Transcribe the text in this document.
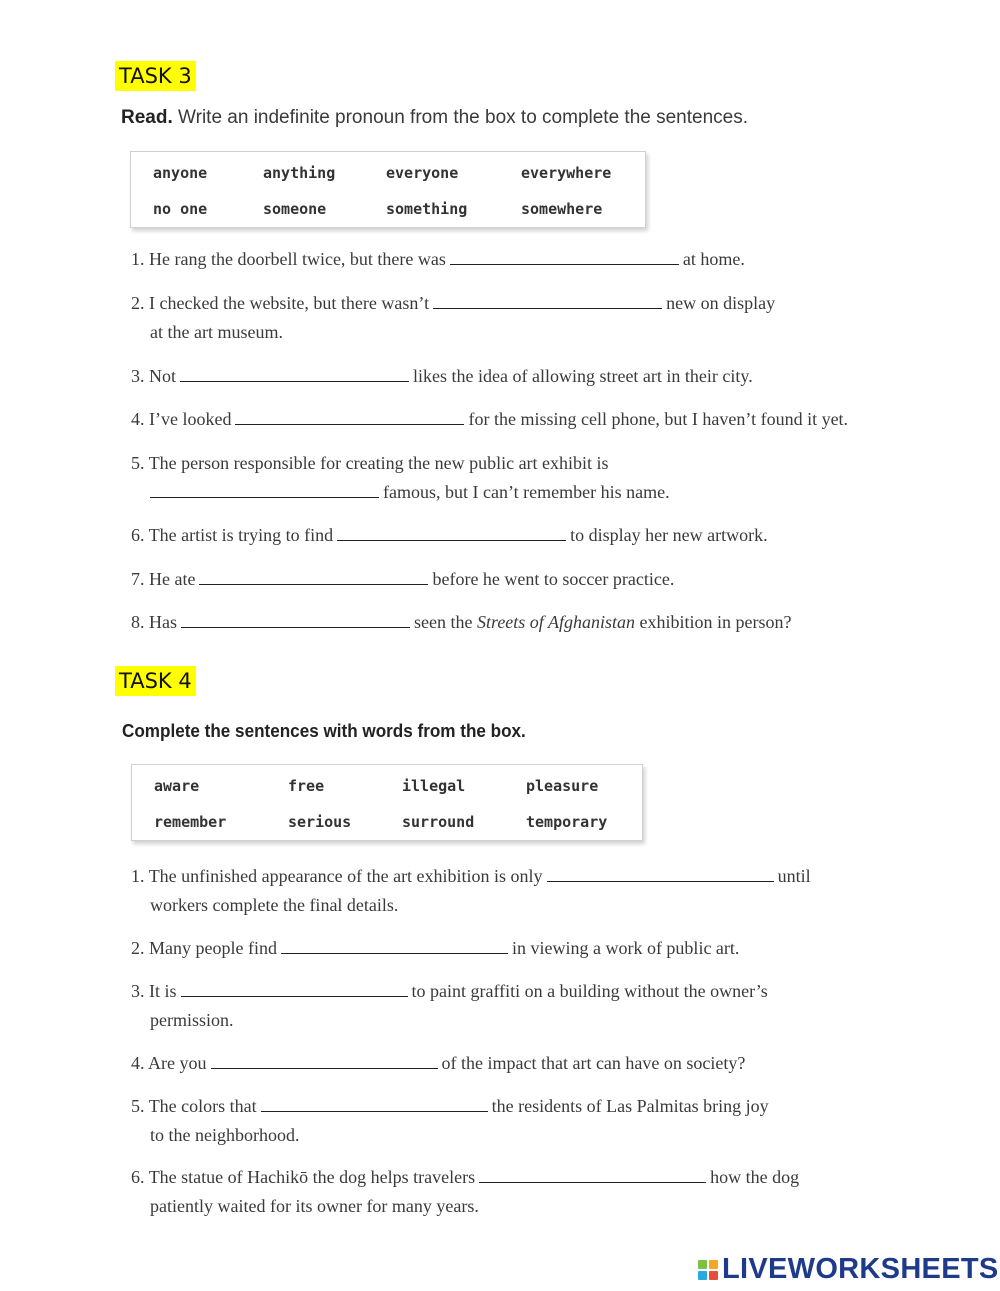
TASK 3
Read. Write an indefinite pronoun from the box to complete the sentences.
anyone	anything	everyone	everywhere
no one	someone	something	somewhere
1. He rang the doorbell twice, but there was	at home.
2. I checked the website, but there wasn’t	new on display
at the art museum.
3. Not	likes the idea of allowing street art in their city.
4. I’ve looked	for the missing cell phone, but I haven’t found it yet.
5. The person responsible for creating the new public art exhibit is
famous, but I can’t remember his name.
6. The artist is trying to find	to display her new artwork.
7. He ate	before he went to soccer practice.
8. Has	seen the Streets of Afghanistan exhibition in person?
TASK 4
Complete the sentences with words from the box.
aware	free	illegal	pleasure
remember	serious	surround	temporary
1. The unfinished appearance of the art exhibition is only	until
workers complete the final details.
2. Many people find	in viewing a work of public art.
3. It is	to paint graffiti on a building without the owner’s
permission.
4. Are you	of the impact that art can have on society?
5. The colors that	the residents of Las Palmitas bring joy
to the neighborhood.
6. The statue of Hachikō the dog helps travelers	how the dog
patiently waited for its owner for many years.
LIVEWORKSHEETS
